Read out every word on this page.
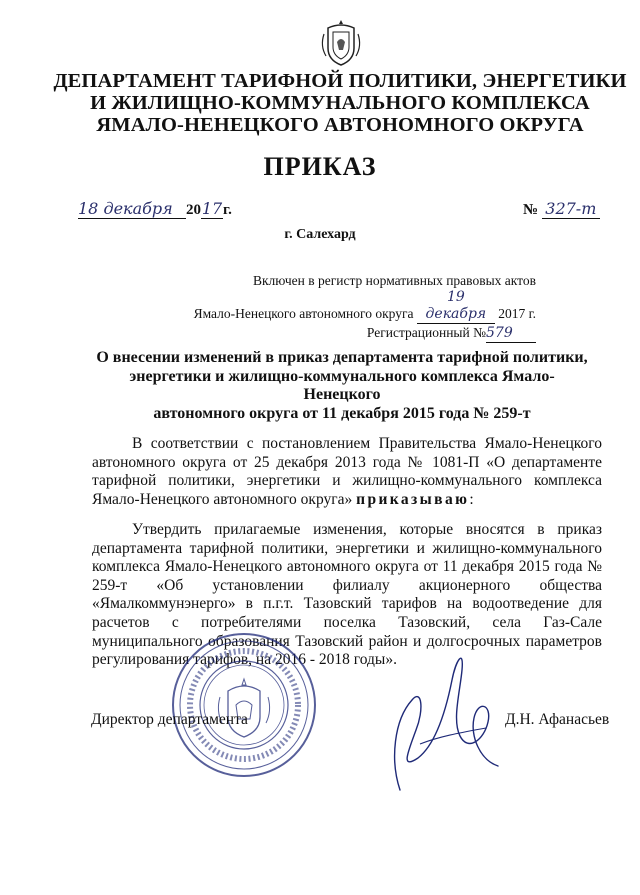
ДЕПАРТАМЕНТ ТАРИФНОЙ ПОЛИТИКИ, ЭНЕРГЕТИКИ
И ЖИЛИЩНО-КОММУНАЛЬНОГО КОМПЛЕКСА
ЯМАЛО-НЕНЕЦКОГО АВТОНОМНОГО ОКРУГА
ПРИКАЗ
18 декабря 2017г.	№ 327-т
г. Салехард
Включен в регистр нормативных правовых актов
Ямало-Ненецкого автономного округа 19 декабря 2017 г.
Регистрационный №579
О внесении изменений в приказ департамента тарифной политики,
энергетики и жилищно-коммунального комплекса Ямало-Ненецкого
автономного округа от 11 декабря 2015 года № 259-т
В соответствии с постановлением Правительства Ямало-Ненецкого автономного округа от 25 декабря 2013 года № 1081-П «О департаменте тарифной политики, энергетики и жилищно-коммунального комплекса Ямало-Ненецкого автономного округа» приказываю:
Утвердить прилагаемые изменения, которые вносятся в приказ департамента тарифной политики, энергетики и жилищно-коммунального комплекса Ямало-Ненецкого автономного округа от 11 декабря 2015 года № 259-т «Об установлении филиалу акционерного общества «Ямалкоммунэнерго» в п.г.т. Тазовский тарифов на водоотведение для расчетов с потребителями поселка Тазовский, села Газ-Сале муниципального образования Тазовский район и долгосрочных параметров регулирования тарифов, на 2016 - 2018 годы».
Директор департамента	Д.Н. Афанасьев
